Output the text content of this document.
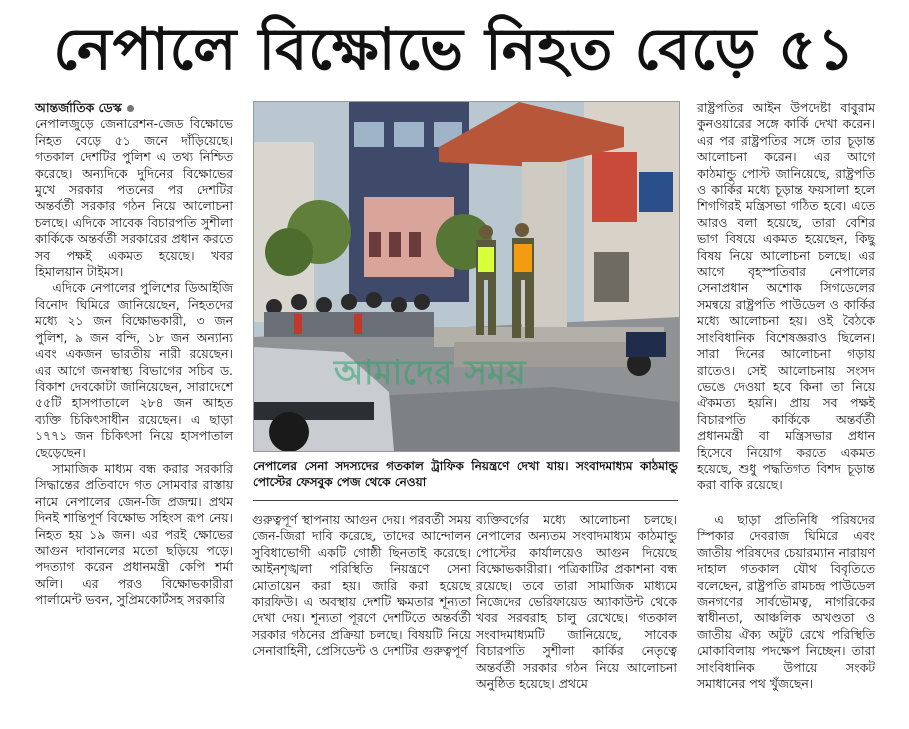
নেপালে বিক্ষোভে নিহত বেড়ে ৫১
আন্তর্জাতিক ডেস্ক

নেপালজুড়ে জেনারেশন-জেড বিক্ষোভে নিহত বেড়ে ৫১ জনে দাঁড়িয়েছে। গতকাল দেশটির পুলিশ এ তথ্য নিশ্চিত করেছে। অন্যদিকে দুদিনের বিক্ষোভের মুখে সরকার পতনের পর দেশটির অন্তর্বর্তী সরকার গঠন নিয়ে আলোচনা চলছে। এদিকে সাবেক বিচারপতি সুশীলা কার্কিকে অন্তর্বর্তী সরকারের প্রধান করতে সব পক্ষই একমত হয়েছে। খবর হিমালয়ান টাইমস।

এদিকে নেপালের পুলিশের ডিআইজি বিনোদ ঘিমিরে জানিয়েছেন, নিহতদের মধ্যে ২১ জন বিক্ষোভকারী, ৩ জন পুলিশ, ৯ জন বন্দি, ১৮ জন অন্যান্য এবং একজন ভারতীয় নারী রয়েছেন। এর আগে জনস্বাস্থ্য বিভাগের সচিব ড. বিকাশ দেবকোটা জানিয়েছেন, সারাদেশে ৫৫টি হাসপাতালে ২৮৪ জন আহত ব্যক্তি চিকিৎসাধীন রয়েছেন। এ ছাড়া ১৭৭১ জন চিকিৎসা নিয়ে হাসপাতাল ছেড়েছেন।

সামাজিক মাধ্যম বন্ধ করার সরকারি সিদ্ধান্তের প্রতিবাদে গত সোমবার রাস্তায় নামে নেপালের জেন-জি প্রজন্ম। প্রথম দিনই শান্তিপূর্ণ বিক্ষোভ সহিংস রূপ নেয়। নিহত হয় ১৯ জন। এর পরই ক্ষোভের আগুন দাবানলের মতো ছড়িয়ে পড়ে। পদত্যাগ করেন প্রধানমন্ত্রী কেপি শর্মা অলি। এর পরও বিক্ষোভকারীরা পার্লামেন্ট ভবন, সুপ্রিমকোর্টসহ সরকারি

আমাদের সময়
নেপালের সেনা সদস্যদের গতকাল ট্রাফিক নিয়ন্ত্রণে দেখা যায়। সংবাদমাধ্যম কাঠমান্ডু পোস্টের ফেসবুক পেজ থেকে নেওয়া

গুরুত্বপূর্ণ স্থাপনায় আগুন দেয়। পরবর্তী সময় জেন-জিরা দাবি করেছে, তাদের আন্দোলন সুবিধাভোগী একটি গোষ্ঠী ছিনতাই করেছে। আইনশৃঙ্খলা পরিস্থিতি নিয়ন্ত্রণে সেনা মোতায়েন করা হয়। জারি করা হয়েছে কারফিউ। এ অবস্থায় দেশটি ক্ষমতার শূন্যতা দেখা দেয়। শূন্যতা পূরণে দেশটিতে অন্তর্বর্তী সরকার গঠনের প্রক্রিয়া চলছে। বিষয়টি নিয়ে সেনাবাহিনী, প্রেসিডেন্ট ও দেশটির গুরুত্বপূর্ণ

ব্যক্তিবর্গের মধ্যে আলোচনা চলছে। নেপালের অন্যতম সংবাদমাধ্যম কাঠমান্ডু পোস্টের কার্যালয়েও আগুন দিয়েছে বিক্ষোভকারীরা। পত্রিকাটির প্রকাশনা বন্ধ রয়েছে। তবে তারা সামাজিক মাধ্যমে নিজেদের ভেরিফায়েড অ্যাকাউন্ট থেকে খবর সরবরাহ চালু রেখেছে। গতকাল সংবাদমাধ্যমটি জানিয়েছে, সাবেক বিচারপতি সুশীলা কার্কির নেতৃত্বে অন্তর্বর্তী সরকার গঠন নিয়ে আলোচনা অনুষ্ঠিত হয়েছে। প্রথমে

রাষ্ট্রপতির আইন উপদেষ্টা বাবুরাম কুনওয়ারের সঙ্গে কার্কি দেখা করেন। এর পর রাষ্ট্রপতির সঙ্গে তার চূড়ান্ত আলোচনা করেন। এর আগে কাঠমান্ডু পোস্ট জানিয়েছে, রাষ্ট্রপতি ও কার্কির মধ্যে চূড়ান্ত ফয়সালা হলে শিগগিরই মন্ত্রিসভা গঠিত হবে। এতে আরও বলা হয়েছে, তারা বেশির ভাগ বিষয়ে একমত হয়েছেন, কিছু বিষয় নিয়ে আলোচনা চলছে। এর আগে বৃহস্পতিবার নেপালের সেনাপ্রধান অশোক সিগডেলের সমন্বয়ে রাষ্ট্রপতি পাউডেল ও কার্কির মধ্যে আলোচনা হয়। ওই বৈঠকে সাংবিধানিক বিশেষজ্ঞরাও ছিলেন। সারা দিনের আলোচনা গড়ায় রাতেও। সেই আলোচনায় সংসদ ভেঙে দেওয়া হবে কিনা তা নিয়ে ঐকমত্য হয়নি। প্রায় সব পক্ষই বিচারপতি কার্কিকে অন্তর্বর্তী প্রধানমন্ত্রী বা মন্ত্রিসভার প্রধান হিসেবে নিয়োগ করতে একমত হয়েছে, শুধু পদ্ধতিগত বিশদ চূড়ান্ত করা বাকি রয়েছে।

এ ছাড়া প্রতিনিধি পরিষদের স্পিকার দেবরাজ ঘিমিরে এবং জাতীয় পরিষদের চেয়ারম্যান নারায়ণ দাহাল গতকাল যৌথ বিবৃতিতে বলেছেন, রাষ্ট্রপতি রামচন্দ্র পাউডেল জনগণের সার্বভৌমত্ব, নাগরিকের স্বাধীনতা, আঞ্চলিক অখণ্ডতা ও জাতীয় ঐক্য অটুট রেখে পরিস্থিতি মোকাবিলায় পদক্ষেপ নিচ্ছেন। তারা সাংবিধানিক উপায়ে সংকট সমাধানের পথ খুঁজছেন।
